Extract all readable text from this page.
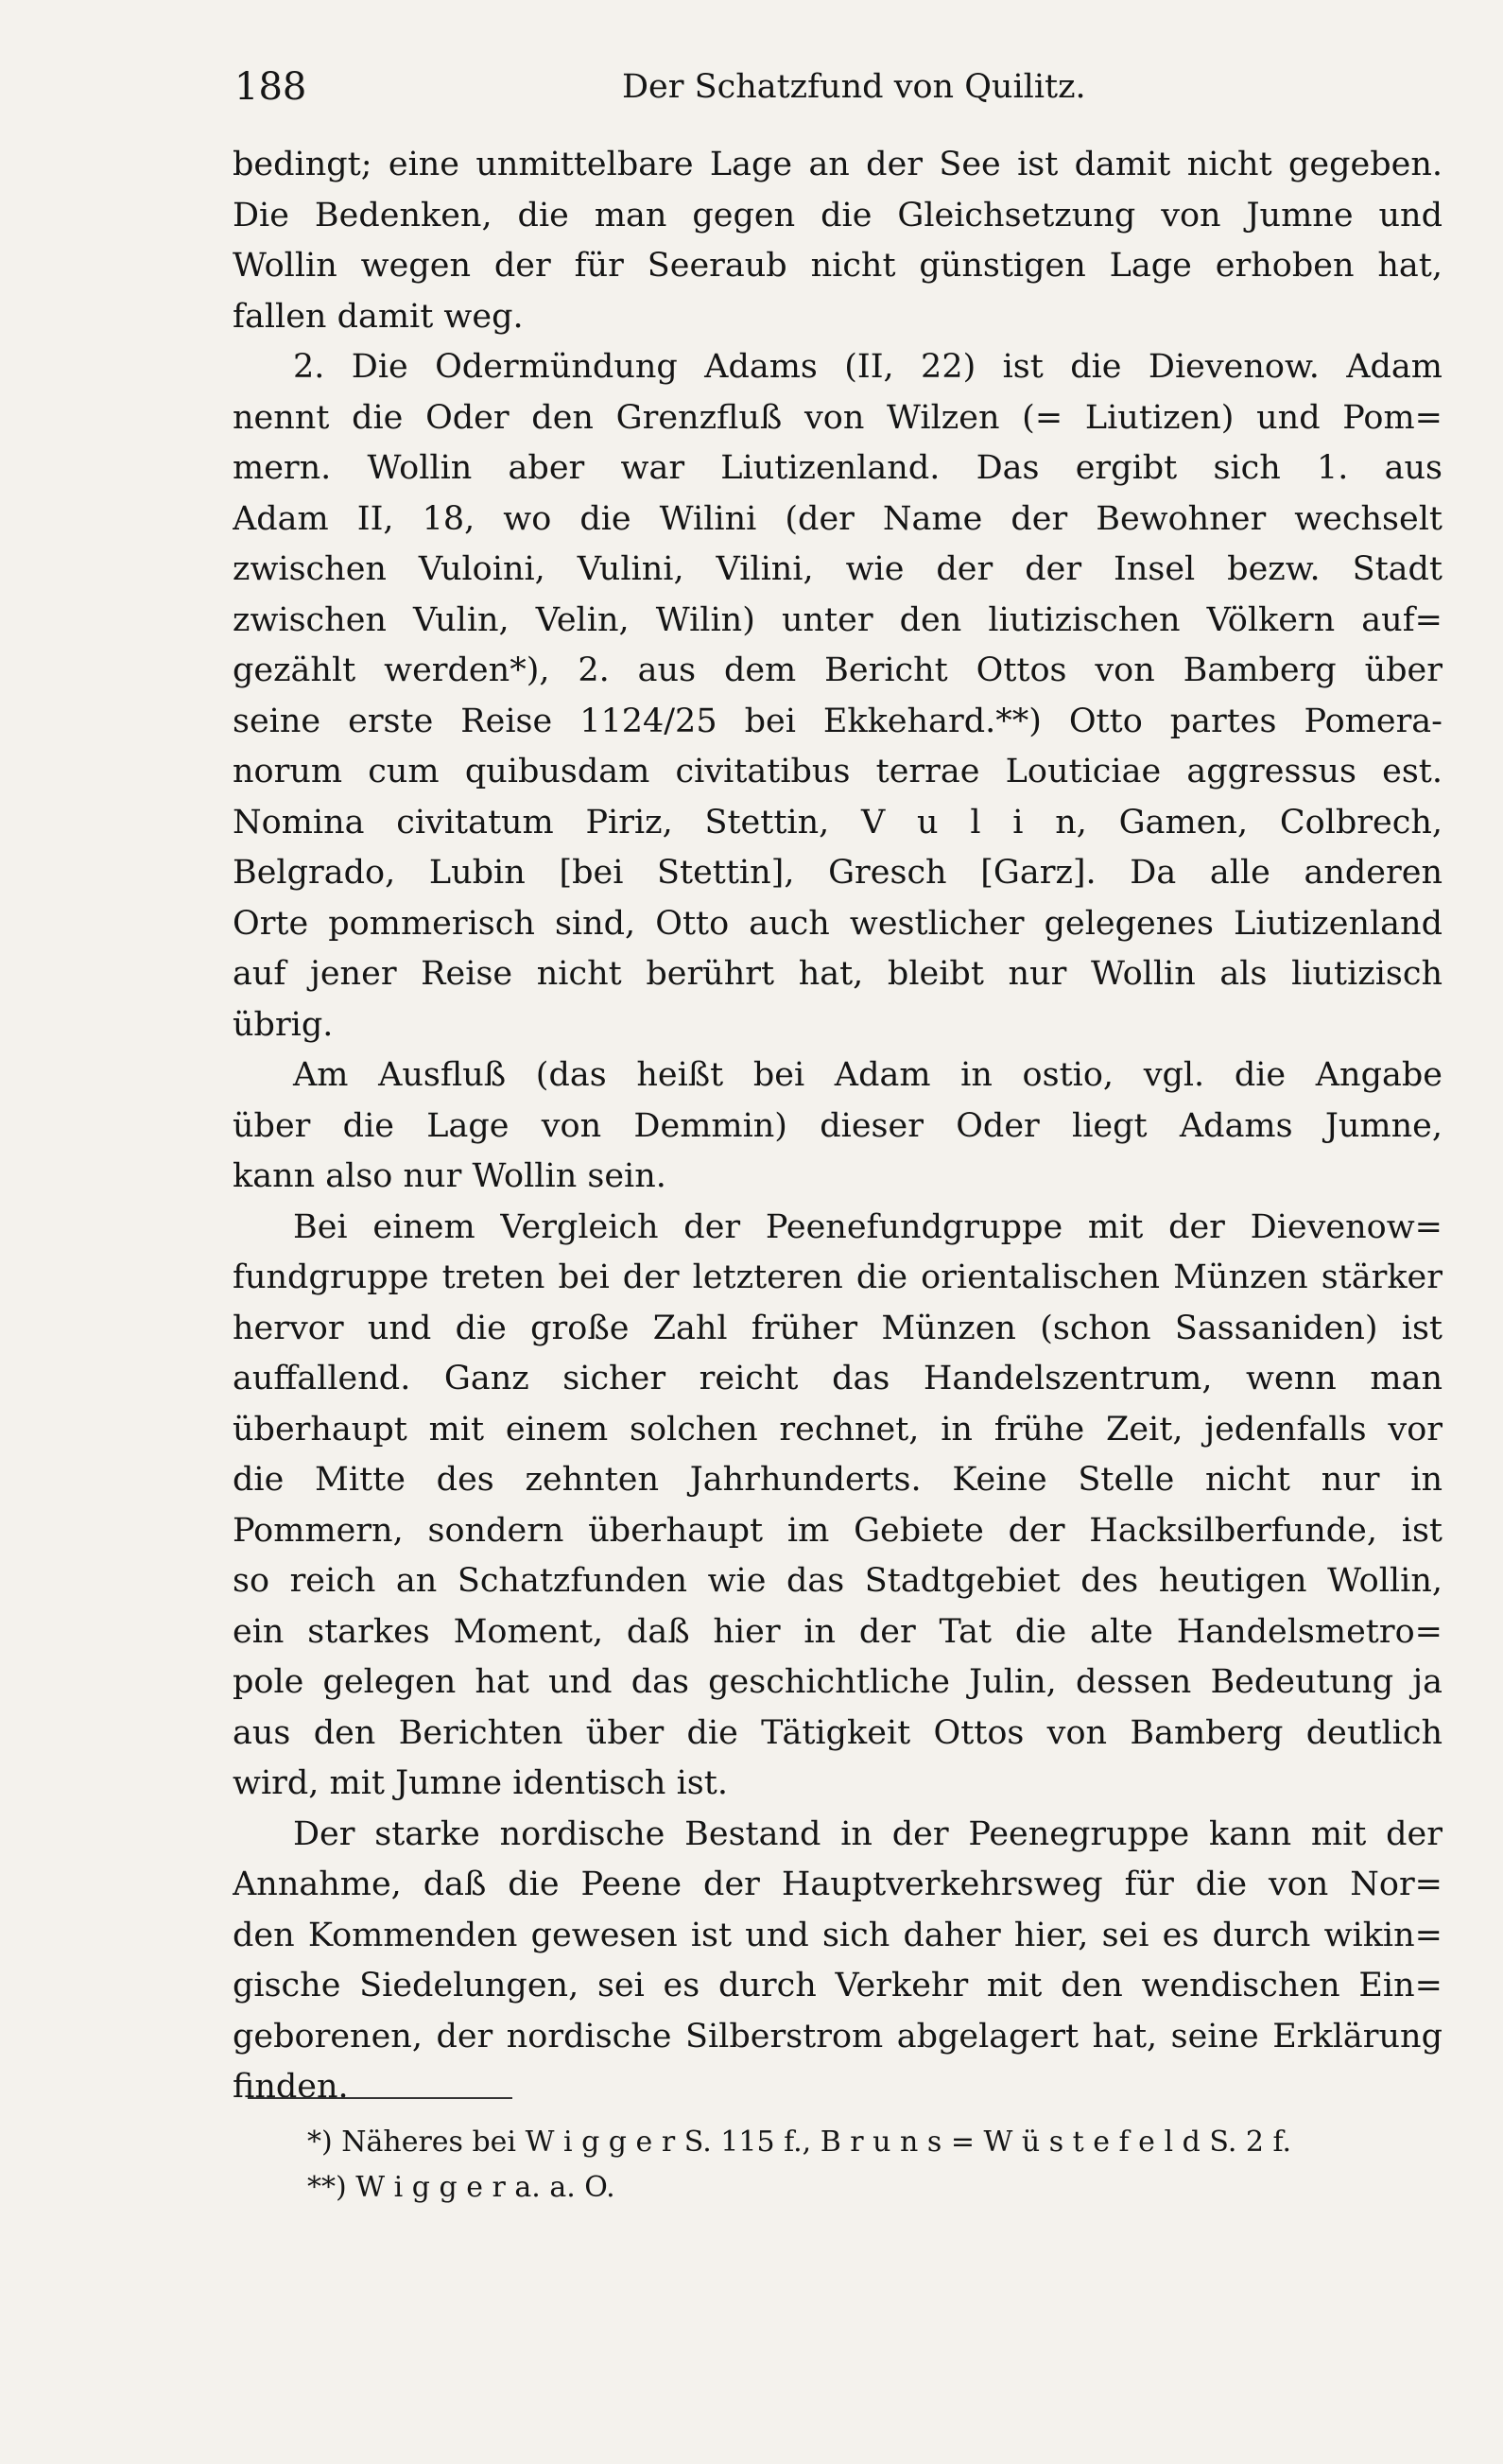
188	Der Schatzfund von Quilitz.
bedingt; eine unmittelbare Lage an der See ist damit nicht gegeben.
Die Bedenken, die man gegen die Gleichsetzung von Jumne und
Wollin wegen der für Seeraub nicht günstigen Lage erhoben hat,
fallen damit weg.
2. Die Odermündung Adams (II, 22) ist die Dievenow. Adam
nennt die Oder den Grenzfluß von Wilzen (= Liutizen) und Pom=
mern. Wollin aber war Liutizenland. Das ergibt sich 1. aus
Adam II, 18, wo die Wilini (der Name der Bewohner wechselt
zwischen Vuloini, Vulini, Vilini, wie der der Insel bezw. Stadt
zwischen Vulin, Velin, Wilin) unter den liutizischen Völkern auf=
gezählt werden*), 2. aus dem Bericht Ottos von Bamberg über
seine erste Reise 1124/25 bei Ekkehard.**) Otto partes Pomera-
norum cum quibusdam civitatibus terrae Louticiae aggressus est.
Nomina civitatum Piriz, Stettin, V u l i n, Gamen, Colbrech,
Belgrado, Lubin [bei Stettin], Gresch [Garz]. Da alle anderen
Orte pommerisch sind, Otto auch westlicher gelegenes Liutizenland
auf jener Reise nicht berührt hat, bleibt nur Wollin als liutizisch
übrig.
Am Ausfluß (das heißt bei Adam in ostio, vgl. die Angabe
über die Lage von Demmin) dieser Oder liegt Adams Jumne,
kann also nur Wollin sein.
Bei einem Vergleich der Peenefundgruppe mit der Dievenow=
fundgruppe treten bei der letzteren die orientalischen Münzen stärker
hervor und die große Zahl früher Münzen (schon Sassaniden) ist
auffallend. Ganz sicher reicht das Handelszentrum, wenn man
überhaupt mit einem solchen rechnet, in frühe Zeit, jedenfalls vor
die Mitte des zehnten Jahrhunderts. Keine Stelle nicht nur in
Pommern, sondern überhaupt im Gebiete der Hacksilberfunde, ist
so reich an Schatzfunden wie das Stadtgebiet des heutigen Wollin,
ein starkes Moment, daß hier in der Tat die alte Handelsmetro=
pole gelegen hat und das geschichtliche Julin, dessen Bedeutung ja
aus den Berichten über die Tätigkeit Ottos von Bamberg deutlich
wird, mit Jumne identisch ist.
Der starke nordische Bestand in der Peenegruppe kann mit der
Annahme, daß die Peene der Hauptverkehrsweg für die von Nor=
den Kommenden gewesen ist und sich daher hier, sei es durch wikin=
gische Siedelungen, sei es durch Verkehr mit den wendischen Ein=
geborenen, der nordische Silberstrom abgelagert hat, seine Erklärung
finden.
*) Näheres bei W i g g e r S. 115 f., B r u n s = W ü s t e f e l d S. 2 f.
**) W i g g e r a. a. O.
